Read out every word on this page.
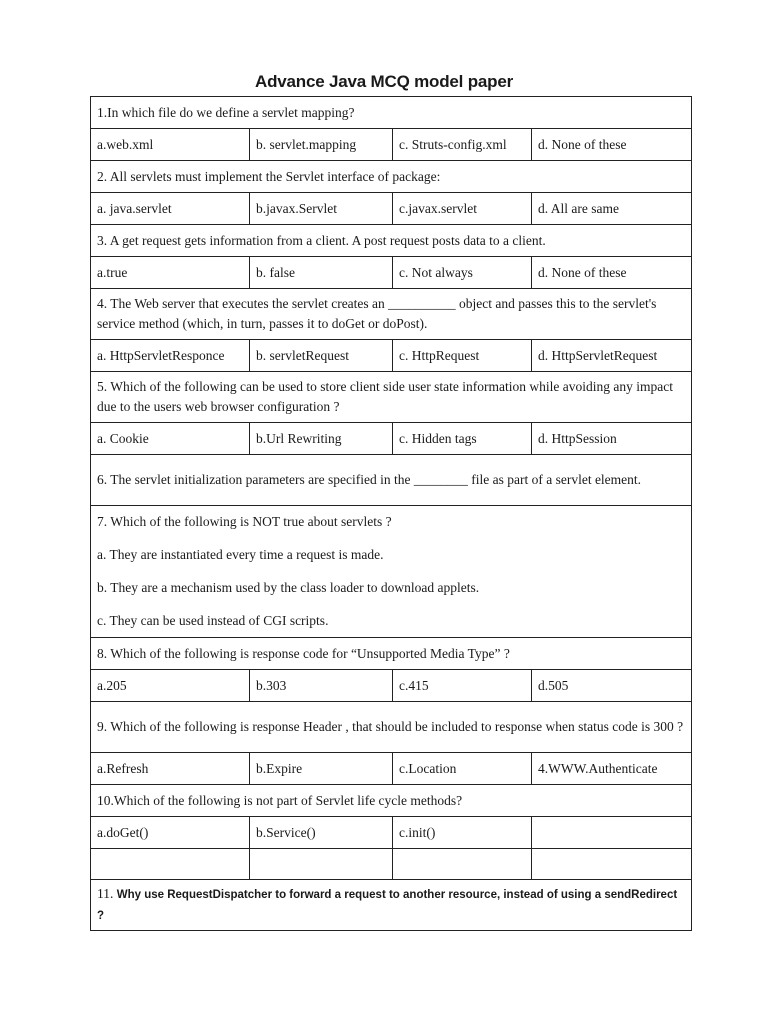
Advance Java MCQ model paper
1.In which file do we define a servlet mapping?			
a.web.xml	b. servlet.mapping	c. Struts-config.xml	d. None of these
2. All servlets must implement the Servlet interface of package:			
a. java.servlet	b.javax.Servlet	c.javax.servlet	d. All are same
3. A get request gets information from a client. A post request posts data to a client.			
a.true	b. false	c. Not always	d. None of these
4. The Web server that executes the servlet creates an __________ object and passes this to the servlet's service method (which, in turn, passes it to doGet or doPost).			
a. HttpServletResponce	b. servletRequest	c. HttpRequest	d. HttpServletRequest
5. Which of the following can be used to store client side user state information while avoiding any impact due to the users web browser configuration ?			
a. Cookie	b.Url Rewriting	c. Hidden tags	d. HttpSession
6. The servlet initialization parameters are specified in the ________ file as part of a servlet element.			

7. Which of the following is NOT true about servlets ?
a. They are instantiated every time a request is made.
b. They are a mechanism used by the class loader to download applets.
c. They can be used instead of CGI scripts.			

8. Which of the following is response code for “Unsupported Media Type” ?			
a.205	b.303	c.415	d.505
9. Which of the following is response Header , that should be included to response when status code is 300 ?			
a.Refresh	b.Expire	c.Location	4.WWW.Authenticate
10.Which of the following is not part of Servlet life cycle methods?			
a.doGet()	b.Service()	c.init()	

11. Why use RequestDispatcher to forward a request to another resource, instead of using a sendRedirect ?			
